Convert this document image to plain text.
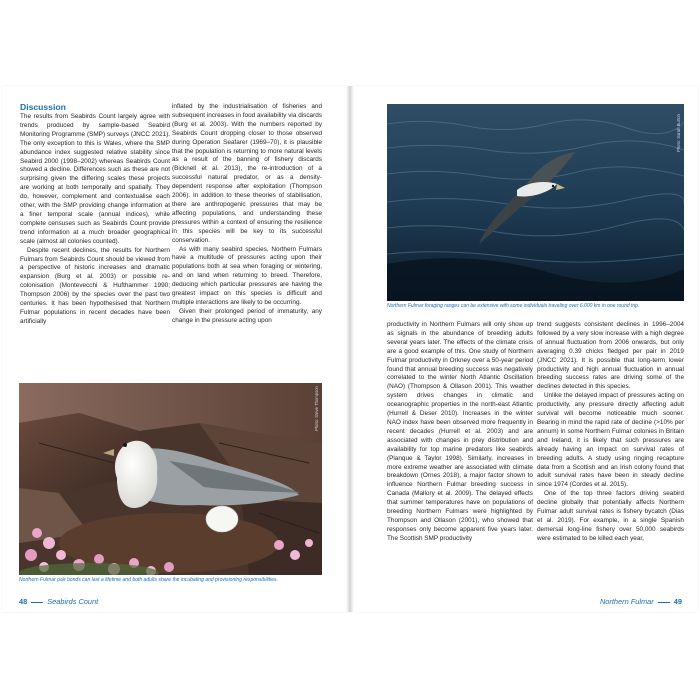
Discussion

The results from Seabirds Count largely agree with trends produced by sample-based Seabird Monitoring Programme (SMP) surveys (JNCC 2021). The only exception to this is Wales, where the SMP abundance index suggested relative stability since Seabird 2000 (1998–2002) whereas Seabirds Count showed a decline. Differences such as these are not surprising given the differing scales these projects are working at both temporally and spatially. They do, however, complement and contextualise each other, with the SMP providing change information at a finer temporal scale (annual indices), while complete censuses such as Seabirds Count provide trend information at a much broader geographical scale (almost all colonies counted).

Despite recent declines, the results for Northern Fulmars from Seabirds Count should be viewed from a perspective of historic increases and dramatic expansion (Burg et al. 2003) or possible re-colonisation (Montevecchi & Hufthammer 1990; Thompson 2006) by the species over the past two centuries. It has been hypothesised that Northern Fulmar populations in recent decades have been artificially

inflated by the industrialisation of fisheries and subsequent increases in food availability via discards (Burg et al. 2003). With the numbers reported by Seabirds Count dropping closer to those observed during Operation Seafarer (1969–70), it is plausible that the population is returning to more natural levels as a result of the banning of fishery discards (Bicknell et al. 2013), the re-introduction of a successful natural predator, or as a density-dependent response after exploitation (Thompson 2006). In addition to these theories of stabilisation, there are anthropogenic pressures that may be affecting populations, and understanding these pressures within a context of ensuring the resilience in this species will be key to its successful conservation.

As with many seabird species, Northern Fulmars have a multitude of pressures acting upon their populations both at sea when foraging or wintering, and on land when returning to breed. Therefore, deducing which particular pressures are having the greatest impact on this species is difficult and multiple interactions are likely to be occurring.

Given their prolonged period of immaturity, any change in the pressure acting upon

Photo: Steve Thompson
Northern Fulmar pair bonds can last a lifetime and both adults share the incubating and provisioning responsibilities.
48	Seabirds Count
Photo: Sarah Burton
Northern Fulmar foraging ranges can be extensive with some individuals traveling over 6,000 km in one round trip.

productivity in Northern Fulmars will only show up as signals in the abundance of breeding adults several years later. The effects of the climate crisis are a good example of this. One study of Northern Fulmar productivity in Orkney over a 50-year period found that annual breeding success was negatively correlated to the winter North Atlantic Oscillation (NAO) (Thompson & Ollason 2001). This weather system drives changes in climatic and oceanographic properties in the north-east Atlantic (Hurrell & Deser 2010). Increases in the winter NAO index have been observed more frequently in recent decades (Hurrell et al. 2003) and are associated with changes in prey distribution and availability for top marine predators like seabirds (Planque & Taylor 1998). Similarly, increases in more extreme weather are associated with climate breakdown (Ornes 2018), a major factor shown to influence Northern Fulmar breeding success in Canada (Mallory et al. 2009). The delayed effects that summer temperatures have on populations of breeding Northern Fulmars were highlighted by Thompson and Ollason (2001), who showed that responses only become apparent five years later. The Scottish SMP productivity

trend suggests consistent declines in 1996–2004 followed by a very slow increase with a high degree of annual fluctuation from 2006 onwards, but only averaging 0.39 chicks fledged per pair in 2019 (JNCC 2021). It is possible that long-term lower productivity and high annual fluctuation in annual breeding success rates are driving some of the declines detected in this species.

Unlike the delayed impact of pressures acting on productivity, any pressure directly affecting adult survival will become noticeable much sooner. Bearing in mind the rapid rate of decline (>10% per annum) in some Northern Fulmar colonies in Britain and Ireland, it is likely that such pressures are already having an impact on survival rates of breeding adults. A study using ringing recapture data from a Scottish and an Irish colony found that adult survival rates have been in steady decline since 1974 (Cordes et al. 2015).

One of the top three factors driving seabird decline globally that potentially affects Northern Fulmar adult survival rates is fishery bycatch (Dias et al. 2019). For example, in a single Spanish demersal long-line fishery over 50,000 seabirds were estimated to be killed each year,

Northern Fulmar	49
